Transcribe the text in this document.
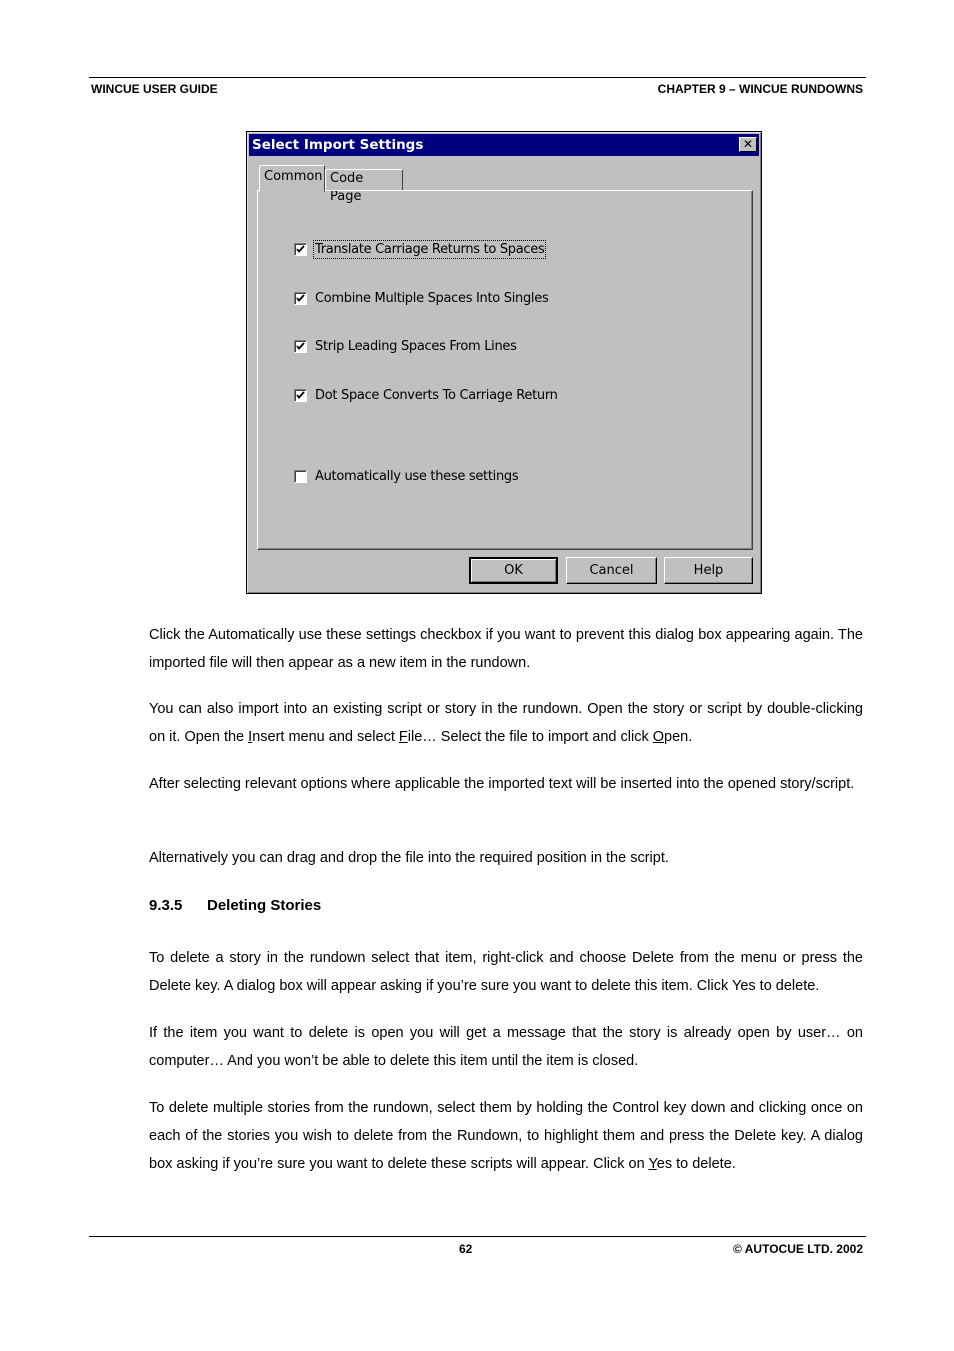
WINCUE USER GUIDE	CHAPTER 9 – WINCUE RUNDOWNS
Select Import Settings	✕
Common Code Page
Translate Carriage Returns to Spaces
Combine Multiple Spaces Into Singles
Strip Leading Spaces From Lines
Dot Space Converts To Carriage Return
Automatically use these settings
OK	Cancel	Help

Click the Automatically use these settings checkbox if you want to prevent this dialog box appearing again. The imported file will then appear as a new item in the rundown.

You can also import into an existing script or story in the rundown. Open the story or script by double-clicking on it. Open the Insert menu and select File… Select the file to import and click Open.

After selecting relevant options where applicable the imported text will be inserted into the opened story/script.

Alternatively you can drag and drop the file into the required position in the script.

9.3.5 Deleting Stories

To delete a story in the rundown select that item, right-click and choose Delete from the menu or press the Delete key. A dialog box will appear asking if you’re sure you want to delete this item. Click Yes to delete.

If the item you want to delete is open you will get a message that the story is already open by user… on computer… And you won’t be able to delete this item until the item is closed.

To delete multiple stories from the rundown, select them by holding the Control key down and clicking once on each of the stories you wish to delete from the Rundown, to highlight them and press the Delete key. A dialog box asking if you’re sure you want to delete these scripts will appear. Click on Yes to delete.

62	© AUTOCUE LTD. 2002
